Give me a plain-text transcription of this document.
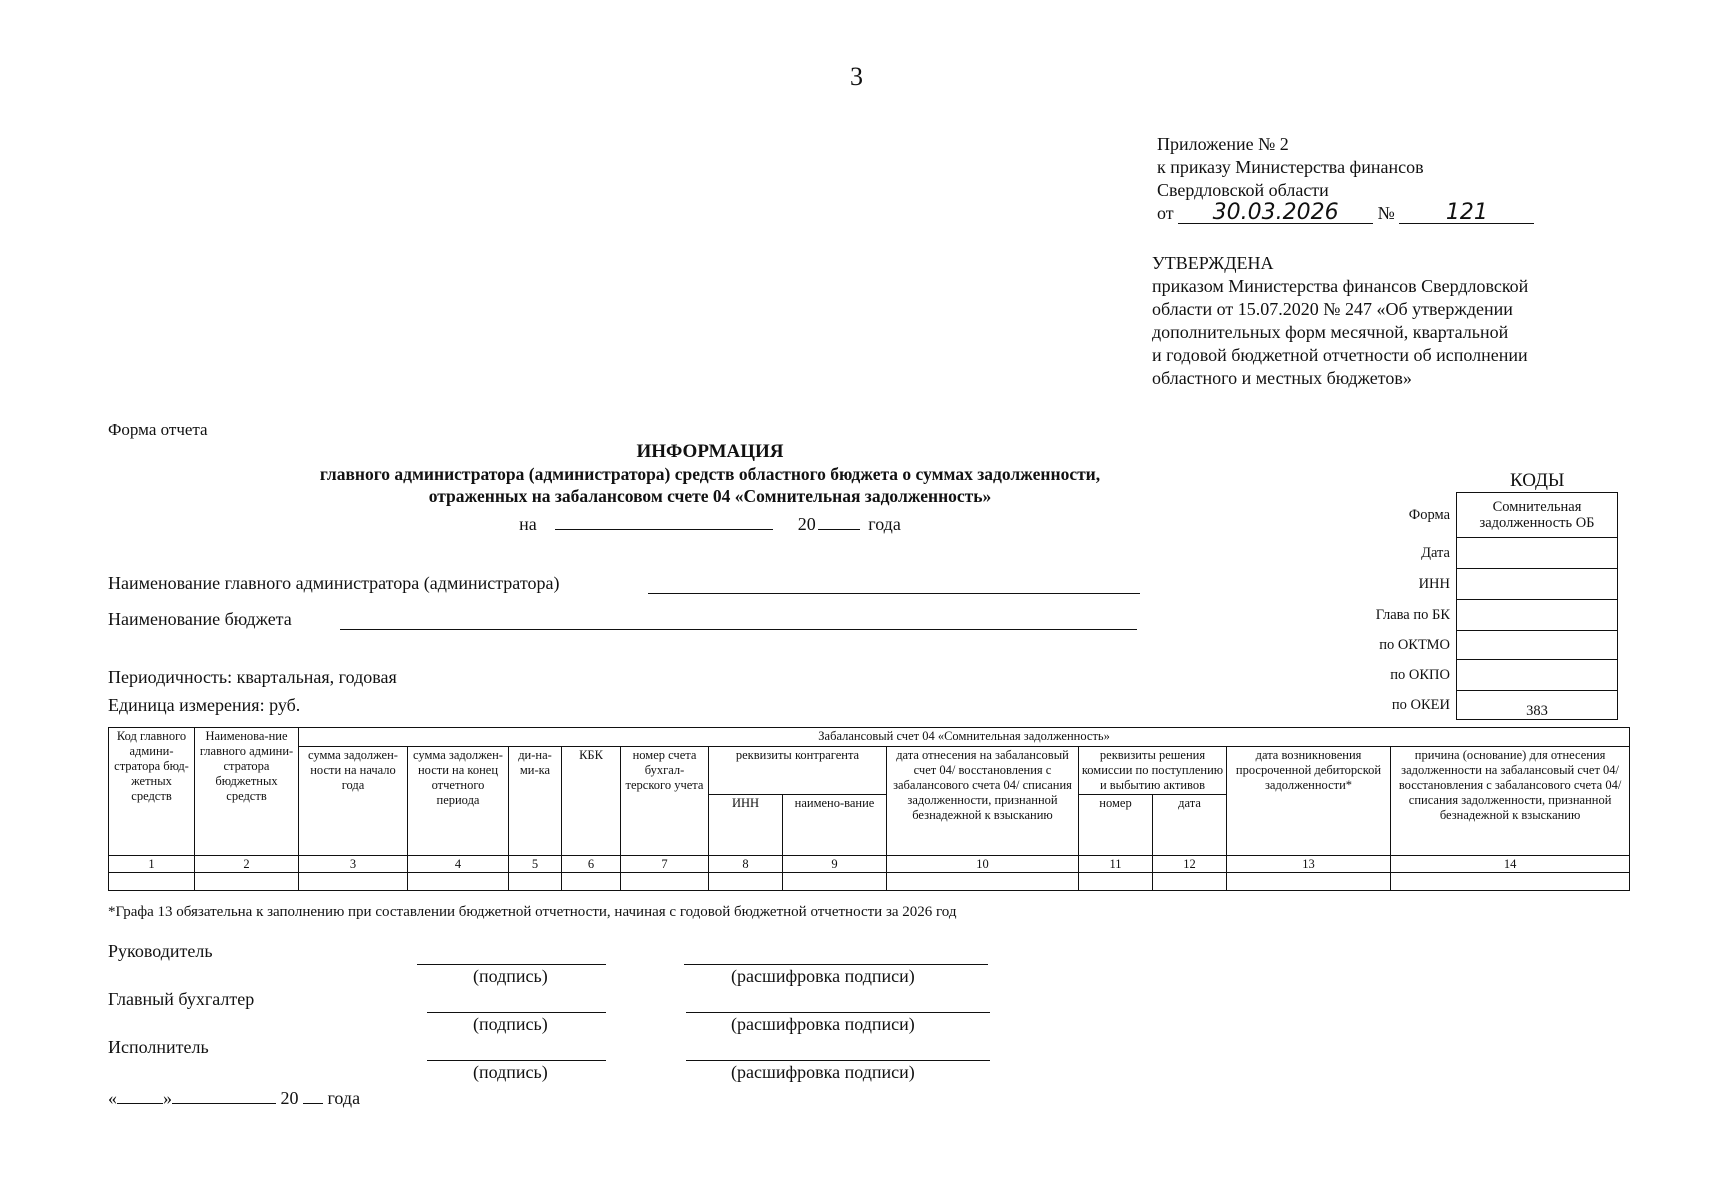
3
Приложение № 2
к приказу Министерства финансов
Свердловской области
от 30.03.2026 № 121
УТВЕРЖДЕНА
приказом Министерства финансов Свердловской
области от 15.07.2020 № 247 «Об утверждении
дополнительных форм месячной, квартальной
и годовой бюджетной отчетности об исполнении
областного и местных бюджетов»
Форма отчета
ИНФОРМАЦИЯ
главного администратора (администратора) средств областного бюджета о суммах задолженности,
отраженных на забалансовом счете 04 «Сомнительная задолженность»
на	20	года
Наименование главного администратора (администратора)
Наименование бюджета
Периодичность: квартальная, годовая
Единица измерения: руб.
КОДЫ
Форма	Сомнительная задолженность ОБ
Дата	
ИНН	
Глава по БК	
по ОКТМО	
по ОКПО	
по ОКЕИ	383
Код главного админи-стратора бюд-жетных средств	Наименова-ние главного админи-стратора бюджетных средств	Забалансовый счет 04 «Сомнительная задолженность»											
		сумма задолжен-ности на начало года	сумма задолжен-ности на конец отчетного периода	ди-на-ми-ка	КБК	номер счета бухгал-терского учета	реквизиты контрагента		дата отнесения на забалансовый счет 04/ восстановления с забалансового счета 04/ списания задолженности, признанной безнадежной к взысканию	реквизиты решения комиссии по поступлению и выбытию активов		дата возникновения просроченной дебиторской задолженности*	причина (основание) для отнесения задолженности на забалансовый счет 04/ восстановления с забалансового счета 04/списания задолженности, признанной безнадежной к взысканию
							ИНН	наимено-вание		номер	дата		
1	2	3	4	5	6	7	8	9	10	11	12	13	14

*Графа 13 обязательна к заполнению при составлении бюджетной отчетности, начиная с годовой бюджетной отчетности за 2026 год
Руководитель
(подпись)	(расшифровка подписи)
Главный бухгалтер
(подпись)	(расшифровка подписи)
Исполнитель
(подпись)	(расшифровка подписи)
«	»	20 года
